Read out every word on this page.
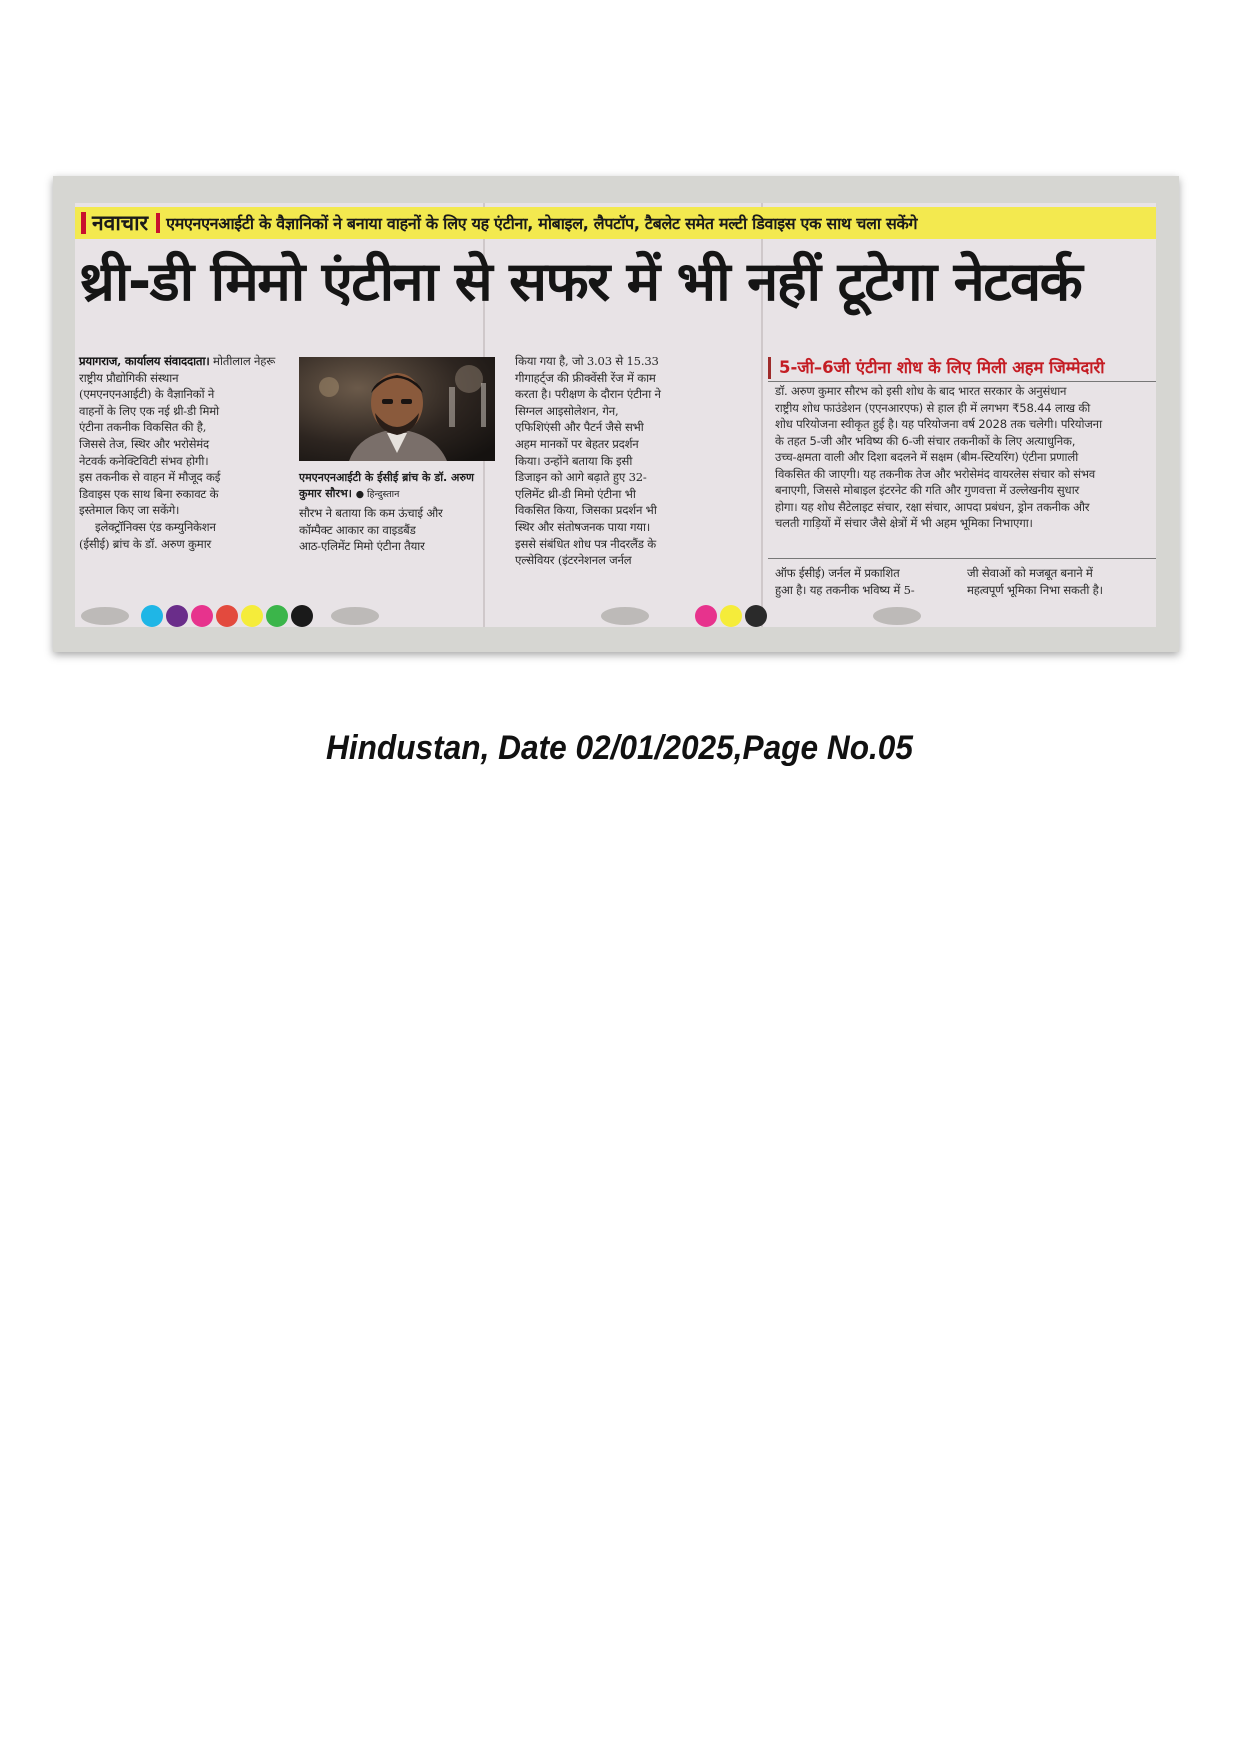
नवाचार	एमएनएनआईटी के वैज्ञानिकों ने बनाया वाहनों के लिए यह एंटीना, मोबाइल, लैपटॉप, टैबलेट समेत मल्टी डिवाइस एक साथ चला सकेंगे
थ्री-डी मिमो एंटीना से सफर में भी नहीं टूटेगा नेटवर्क
प्रयागराज, कार्यालय संवाददाता। मोतीलाल नेहरू
राष्ट्रीय प्रौद्योगिकी संस्थान
(एमएनएनआईटी) के वैज्ञानिकों ने
वाहनों के लिए एक नई थ्री-डी मिमो
एंटीना तकनीक विकसित की है,
जिससे तेज, स्थिर और भरोसेमंद
नेटवर्क कनेक्टिविटी संभव होगी।
इस तकनीक से वाहन में मौजूद कई
डिवाइस एक साथ बिना रुकावट के
इस्तेमाल किए जा सकेंगे।
इलेक्ट्रॉनिक्स एंड कम्युनिकेशन
(ईसीई) ब्रांच के डॉ. अरुण कुमार
एमएनएनआईटी के ईसीई ब्रांच के डॉ. अरुण कुमार सौरभ। ● हिन्दुस्तान
सौरभ ने बताया कि कम ऊंचाई और
कॉम्पैक्ट आकार का वाइडबैंड
आठ-एलिमेंट मिमो एंटीना तैयार
किया गया है, जो 3.03 से 15.33
गीगाहर्ट्ज की फ्रीक्वेंसी रेंज में काम
करता है। परीक्षण के दौरान एंटीना ने
सिग्नल आइसोलेशन, गेन,
एफिशिएंसी और पैटर्न जैसे सभी
अहम मानकों पर बेहतर प्रदर्शन
किया। उन्होंने बताया कि इसी
डिजाइन को आगे बढ़ाते हुए 32-
एलिमेंट थ्री-डी मिमो एंटीना भी
विकसित किया, जिसका प्रदर्शन भी
स्थिर और संतोषजनक पाया गया।
इससे संबंधित शोध पत्र नीदरलैंड के
एल्सेवियर (इंटरनेशनल जर्नल
5-जी–6जी एंटीना शोध के लिए मिली अहम जिम्मेदारी
डॉ. अरुण कुमार सौरभ को इसी शोध के बाद भारत सरकार के अनुसंधान
राष्ट्रीय शोध फाउंडेशन (एएनआरएफ) से हाल ही में लगभग ₹58.44 लाख की
शोध परियोजना स्वीकृत हुई है। यह परियोजना वर्ष 2028 तक चलेगी। परियोजना
के तहत 5-जी और भविष्य की 6-जी संचार तकनीकों के लिए अत्याधुनिक,
उच्च-क्षमता वाली और दिशा बदलने में सक्षम (बीम-स्टियरिंग) एंटीना प्रणाली
विकसित की जाएगी। यह तकनीक तेज और भरोसेमंद वायरलेस संचार को संभव
बनाएगी, जिससे मोबाइल इंटरनेट की गति और गुणवत्ता में उल्लेखनीय सुधार
होगा। यह शोध सैटेलाइट संचार, रक्षा संचार, आपदा प्रबंधन, ड्रोन तकनीक और
चलती गाड़ियों में संचार जैसे क्षेत्रों में भी अहम भूमिका निभाएगा।
ऑफ ईसीई) जर्नल में प्रकाशित
हुआ है। यह तकनीक भविष्य में 5-
जी सेवाओं को मजबूत बनाने में
महत्वपूर्ण भूमिका निभा सकती है।
Hindustan, Date 02/01/2025,Page No.05
